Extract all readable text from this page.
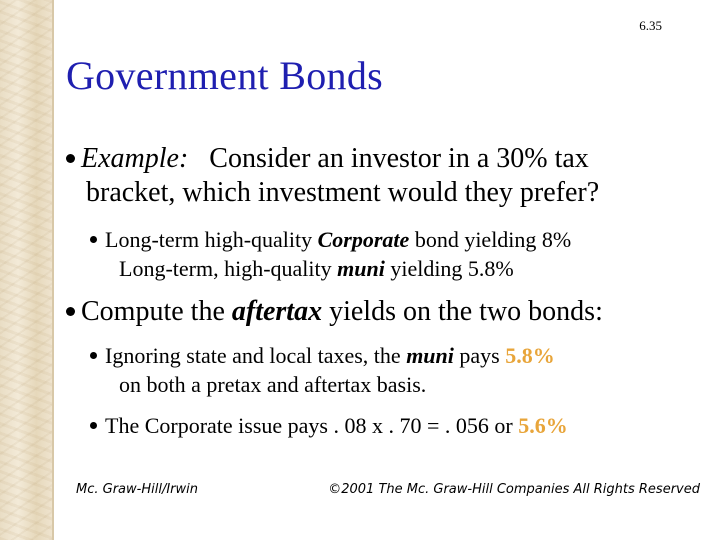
6.35
Government Bonds
Example: Consider an investor in a 30% tax
bracket, which investment would they prefer?
Long-term high-quality Corporate bond yielding 8%
Long-term, high-quality muni yielding 5.8%
Compute the aftertax yields on the two bonds:
Ignoring state and local taxes, the muni pays 5.8%
on both a pretax and aftertax basis.
The Corporate issue pays . 08 x . 70 = . 056 or 5.6%
Mc. Graw-Hill/Irwin	©2001 The Mc. Graw-Hill Companies All Rights Reserved
